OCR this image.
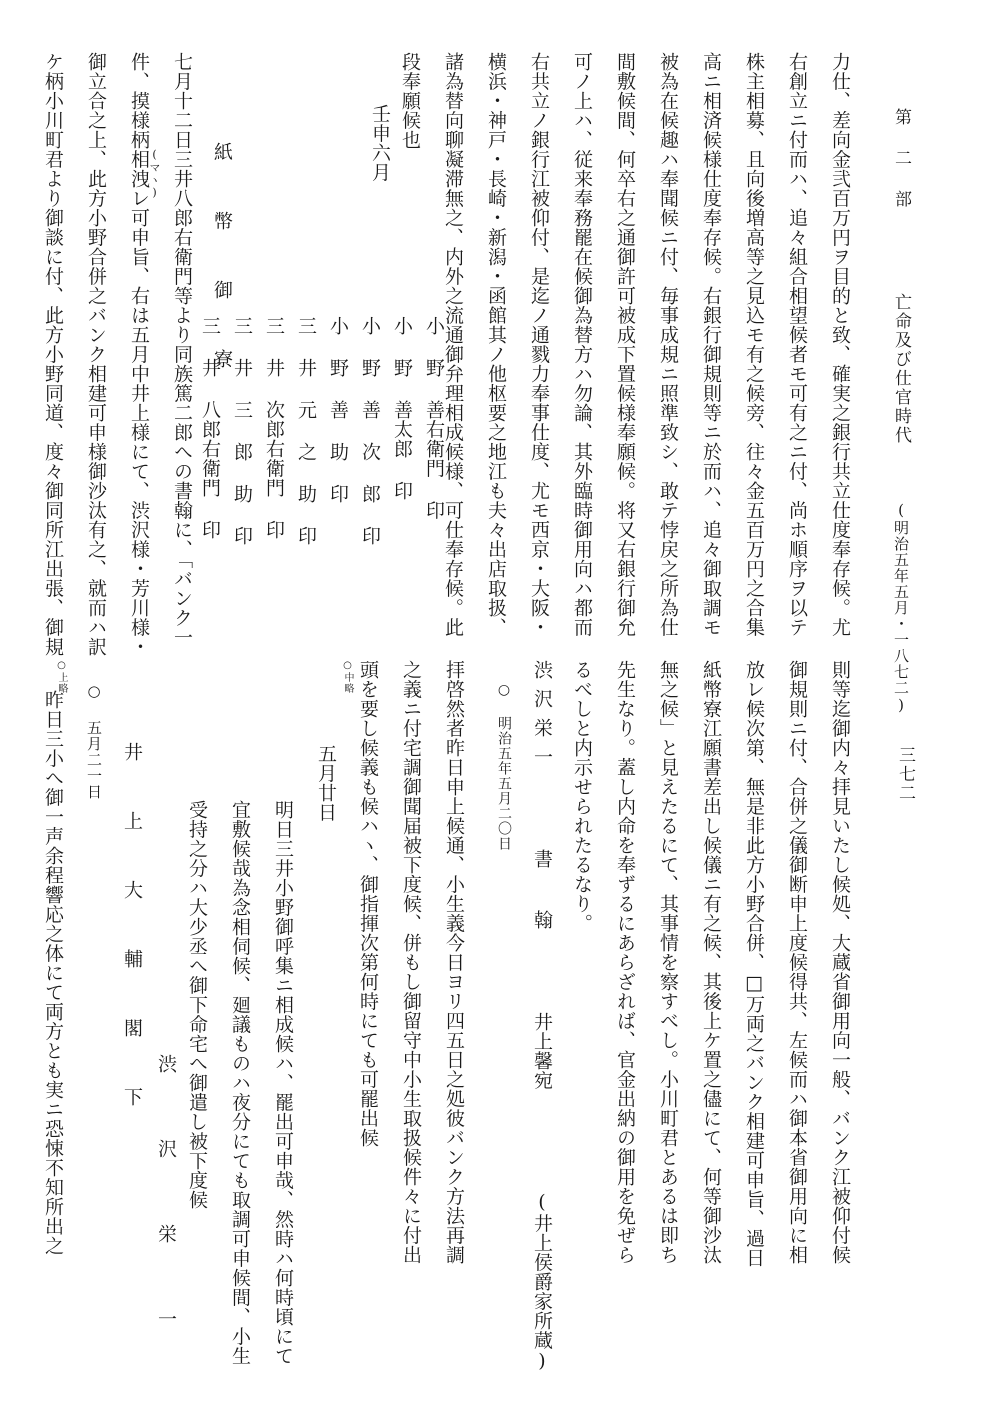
第 二 部  亡命及び仕官時代  (明治五年五月・一八七二)
三七二

力仕、差向金弐百万円ヲ目的と致、確実之銀行共立仕度奉存候。尤

右創立ニ付而ハ、追々組合相望候者モ可有之ニ付、尚ホ順序ヲ以テ

株主相募、且向後増高等之見込モ有之候旁、往々金五百万円之合集

高ニ相済候様仕度奉存候。右銀行御規則等ニ於而ハ、追々御取調モ

被為在候趣ハ奉聞候ニ付、毎事成規ニ照準致シ、敢テ悖戻之所為仕

間敷候間、何卒右之通御許可被成下置候様奉願候。将又右銀行御允

可ノ上ハ、従来奉務罷在候御為替方ハ勿論、其外臨時御用向ハ都而

右共立ノ銀行江被仰付、是迄ノ通戮力奉事仕度、尤モ西京・大阪・

横浜・神戸・長崎・新潟・函館其ノ他枢要之地江も夫々出店取扱、

諸為替向聊凝滞無之、内外之流通御弁理相成候様、可仕奉存候。此

段奉願候也

壬申六月

小 野 善右衛門 印

小 野 善太郎 印

小 野 善 次 郎 印

小 野 善 助 印

三 井 元 之 助 印

三 井 次郎右衛門 印

三 井 三 郎 助 印

三 井 八郎右衛門 印

紙 幣 御 寮

七月十二日三井八郎右衛門等より同族篤二郎への書翰に、「バンク一

件、摸様柄相洩レ可申旨、右は五月中井上様にて、渋沢様・芳川様・

御立合之上、此方小野合併之バンク相建可申様御沙汰有之、就而ハ訳

ケ柄小川町君より御談に付、此方小野同道、度々御同所江出張、御規	(マヽ)

則等迄御内々拝見いたし候処、大蔵省御用向一般、バンク江被仰付候

御規則ニ付、合併之儀御断申上度候得共、左候而ハ御本省御用向に相

放レ候次第、無是非此方小野合併、□万両之バンク相建可申旨、過日

紙幣寮江願書差出し候儀ニ有之候、其後上ケ置之儘にて、何等御沙汰

無之候」と見えたるにて、其事情を察すべし。小川町君とあるは即ち

先生なり。蓋し内命を奉ずるにあらざれば、官金出納の御用を免ぜら

るべしと内示せられたるなり。

渋沢栄一  書 翰  井上馨宛  (井上侯爵家所蔵)

○ 明治五年五月二〇日

拝啓然者昨日申上候通、小生義今日ヨリ四五日之処彼バンク方法再調

之義ニ付宅調御聞届被下度候、併もし御留守中小生取扱候件々に付出

頭を要し候義も候ハヽ、御指揮次第何時にても可罷出候

○中略

五月廿日

明日三井小野御呼集ニ相成候ハ、罷出可申哉、然時ハ何時頃にて

宜敷候哉為念相伺候、廻議ものハ夜分にても取調可申候間、小生

受持之分ハ大少丞へ御下命宅へ御遣し被下度候

渋 沢 栄 一

井 上 大 輔 閣 下

○ 五月二一日

○上略

昨日三小へ御一声余程響応之体にて両方とも実ニ恐悚不知所出之
